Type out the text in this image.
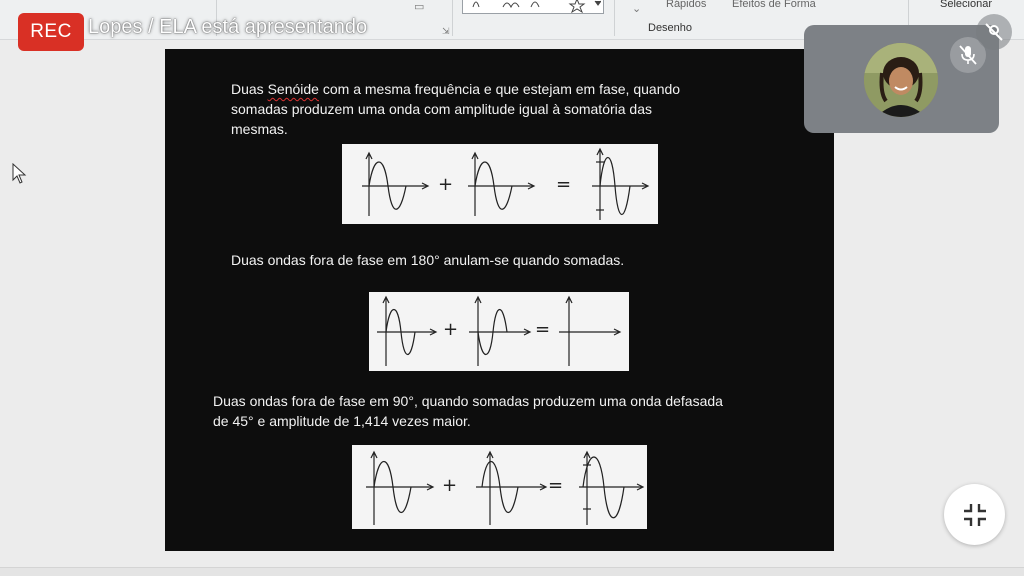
▭
⇲
⌄ Rápidos Efeitos de Forma	Selecionar
Desenho
REC Lopes / ELA está apresentando
Duas Senóide com a mesma frequência e que estejam em fase, quando
somadas produzem uma onda com amplitude igual à somatória das
mesmas.
+	=
Duas ondas fora de fase em 180° anulam-se quando somadas.
+	=
Duas ondas fora de fase em 90°, quando somadas produzem uma onda defasada
de 45° e amplitude de 1,414 vezes maior.
+	=
